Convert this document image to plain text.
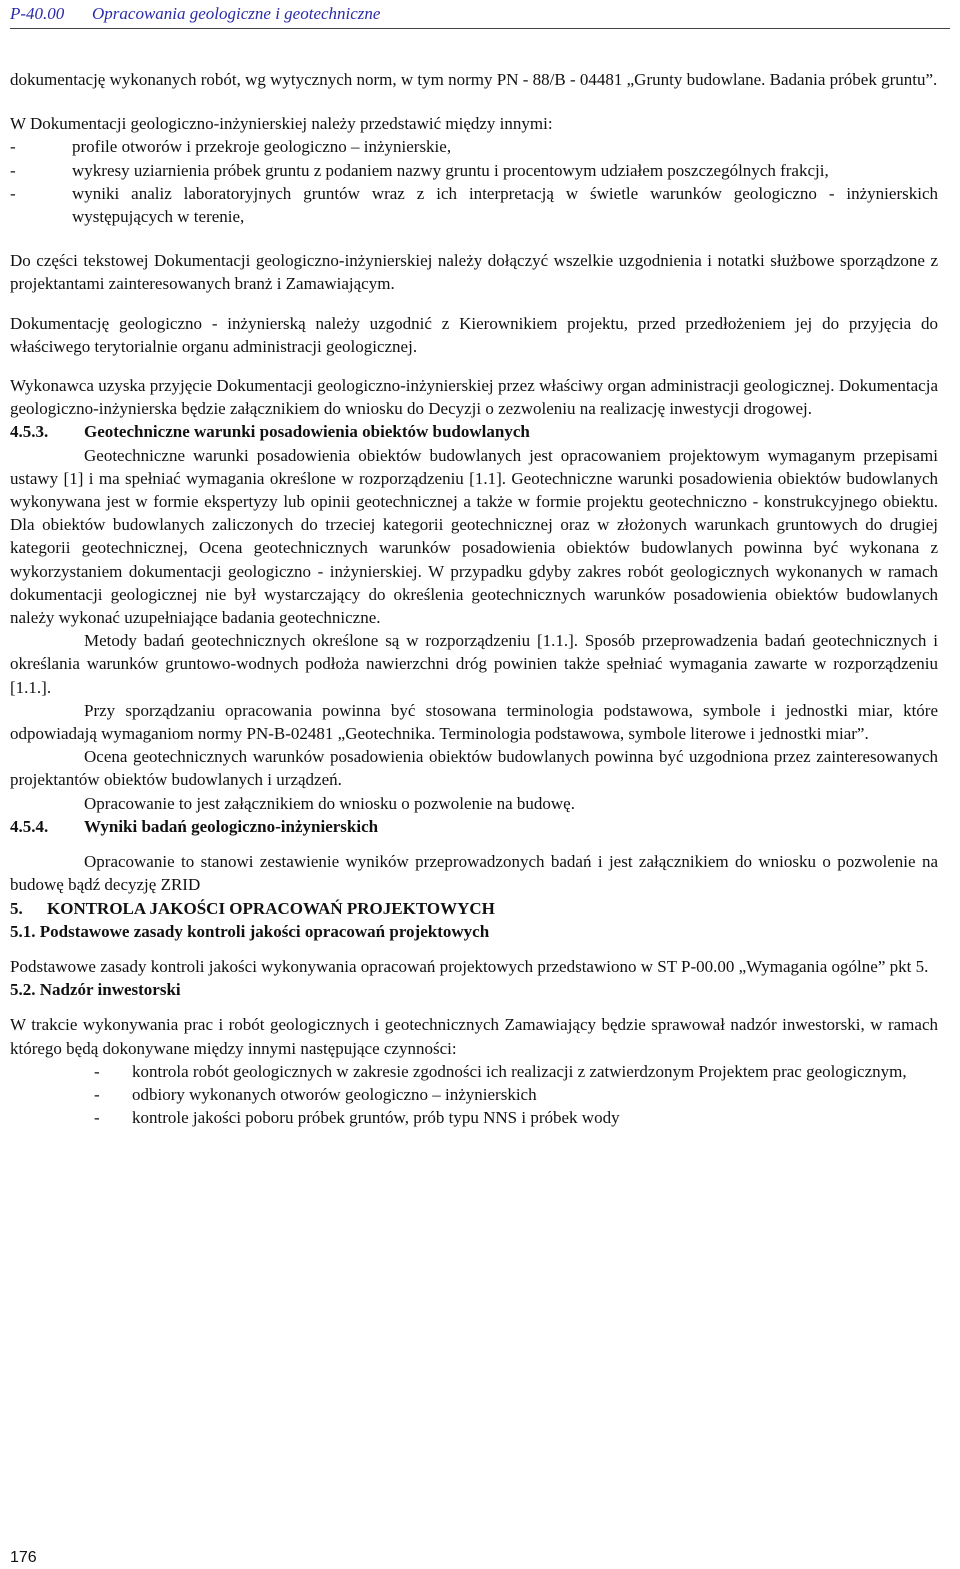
P-40.00 Opracowania geologiczne i geotechniczne

dokumentację wykonanych robót, wg wytycznych norm, w tym normy PN - 88/B - 04481 „Grunty budowlane. Badania próbek gruntu”.

W Dokumentacji geologiczno-inżynierskiej należy przedstawić między innymi:

-	profile otworów i przekroje geologiczno – inżynierskie,
-	wykresy uziarnienia próbek gruntu z podaniem nazwy gruntu i procentowym udziałem poszczególnych frakcji,
-	wyniki analiz laboratoryjnych gruntów wraz z ich interpretacją w świetle warunków geologiczno - inżynierskich występujących w terenie,

Do części tekstowej Dokumentacji geologiczno-inżynierskiej należy dołączyć wszelkie uzgodnienia i notatki służbowe sporządzone z projektantami zainteresowanych branż i Zamawiającym.

Dokumentację geologiczno - inżynierską należy uzgodnić z Kierownikiem projektu, przed przedłożeniem jej do przyjęcia do właściwego terytorialnie organu administracji geologicznej.

Wykonawca uzyska przyjęcie Dokumentacji geologiczno-inżynierskiej przez właściwy organ administracji geologicznej. Dokumentacja geologiczno-inżynierska będzie załącznikiem do wniosku do Decyzji o zezwoleniu na realizację inwestycji drogowej.

4.5.3. Geotechniczne warunki posadowienia obiektów budowlanych

Geotechniczne warunki posadowienia obiektów budowlanych jest opracowaniem projektowym wymaganym przepisami ustawy [1] i ma spełniać wymagania określone w rozporządzeniu [1.1]. Geotechniczne warunki posadowienia obiektów budowlanych wykonywana jest w formie ekspertyzy lub opinii geotechnicznej a także w formie projektu geotechniczno - konstrukcyjnego obiektu. Dla obiektów budowlanych zaliczonych do trzeciej kategorii geotechnicznej oraz w złożonych warunkach gruntowych do drugiej kategorii geotechnicznej, Ocena geotechnicznych warunków posadowienia obiektów budowlanych powinna być wykonana z wykorzystaniem dokumentacji geologiczno - inżynierskiej. W przypadku gdyby zakres robót geologicznych wykonanych w ramach dokumentacji geologicznej nie był wystarczający do określenia geotechnicznych warunków posadowienia obiektów budowlanych należy wykonać uzupełniające badania geotechniczne.

Metody badań geotechnicznych określone są w rozporządzeniu [1.1.]. Sposób przeprowadzenia badań geotechnicznych i określania warunków gruntowo-wodnych podłoża nawierzchni dróg powinien także spełniać wymagania zawarte w rozporządzeniu [1.1.].

Przy sporządzaniu opracowania powinna być stosowana terminologia podstawowa, symbole i jednostki miar, które odpowiadają wymaganiom normy PN-B-02481 „Geotechnika. Terminologia podstawowa, symbole literowe i jednostki miar”.

Ocena geotechnicznych warunków posadowienia obiektów budowlanych powinna być uzgodniona przez zainteresowanych projektantów obiektów budowlanych i urządzeń.

Opracowanie to jest załącznikiem do wniosku o pozwolenie na budowę.

4.5.4. Wyniki badań geologiczno-inżynierskich

Opracowanie to stanowi zestawienie wyników przeprowadzonych badań i jest załącznikiem do wniosku o pozwolenie na budowę bądź decyzję ZRID

5. KONTROLA JAKOŚCI OPRACOWAŃ PROJEKTOWYCH
5.1. Podstawowe zasady kontroli jakości opracowań projektowych

Podstawowe zasady kontroli jakości wykonywania opracowań projektowych przedstawiono w ST P-00.00 „Wymagania ogólne” pkt 5.

5.2. Nadzór inwestorski

W trakcie wykonywania prac i robót geologicznych i geotechnicznych Zamawiający będzie sprawował nadzór inwestorski, w ramach którego będą dokonywane między innymi następujące czynności:

- kontrola robót geologicznych w zakresie zgodności ich realizacji z zatwierdzonym Projektem prac geologicznym,
- odbiory wykonanych otworów geologiczno – inżynierskich
- kontrole jakości poboru próbek gruntów, prób typu NNS i próbek wody
176
